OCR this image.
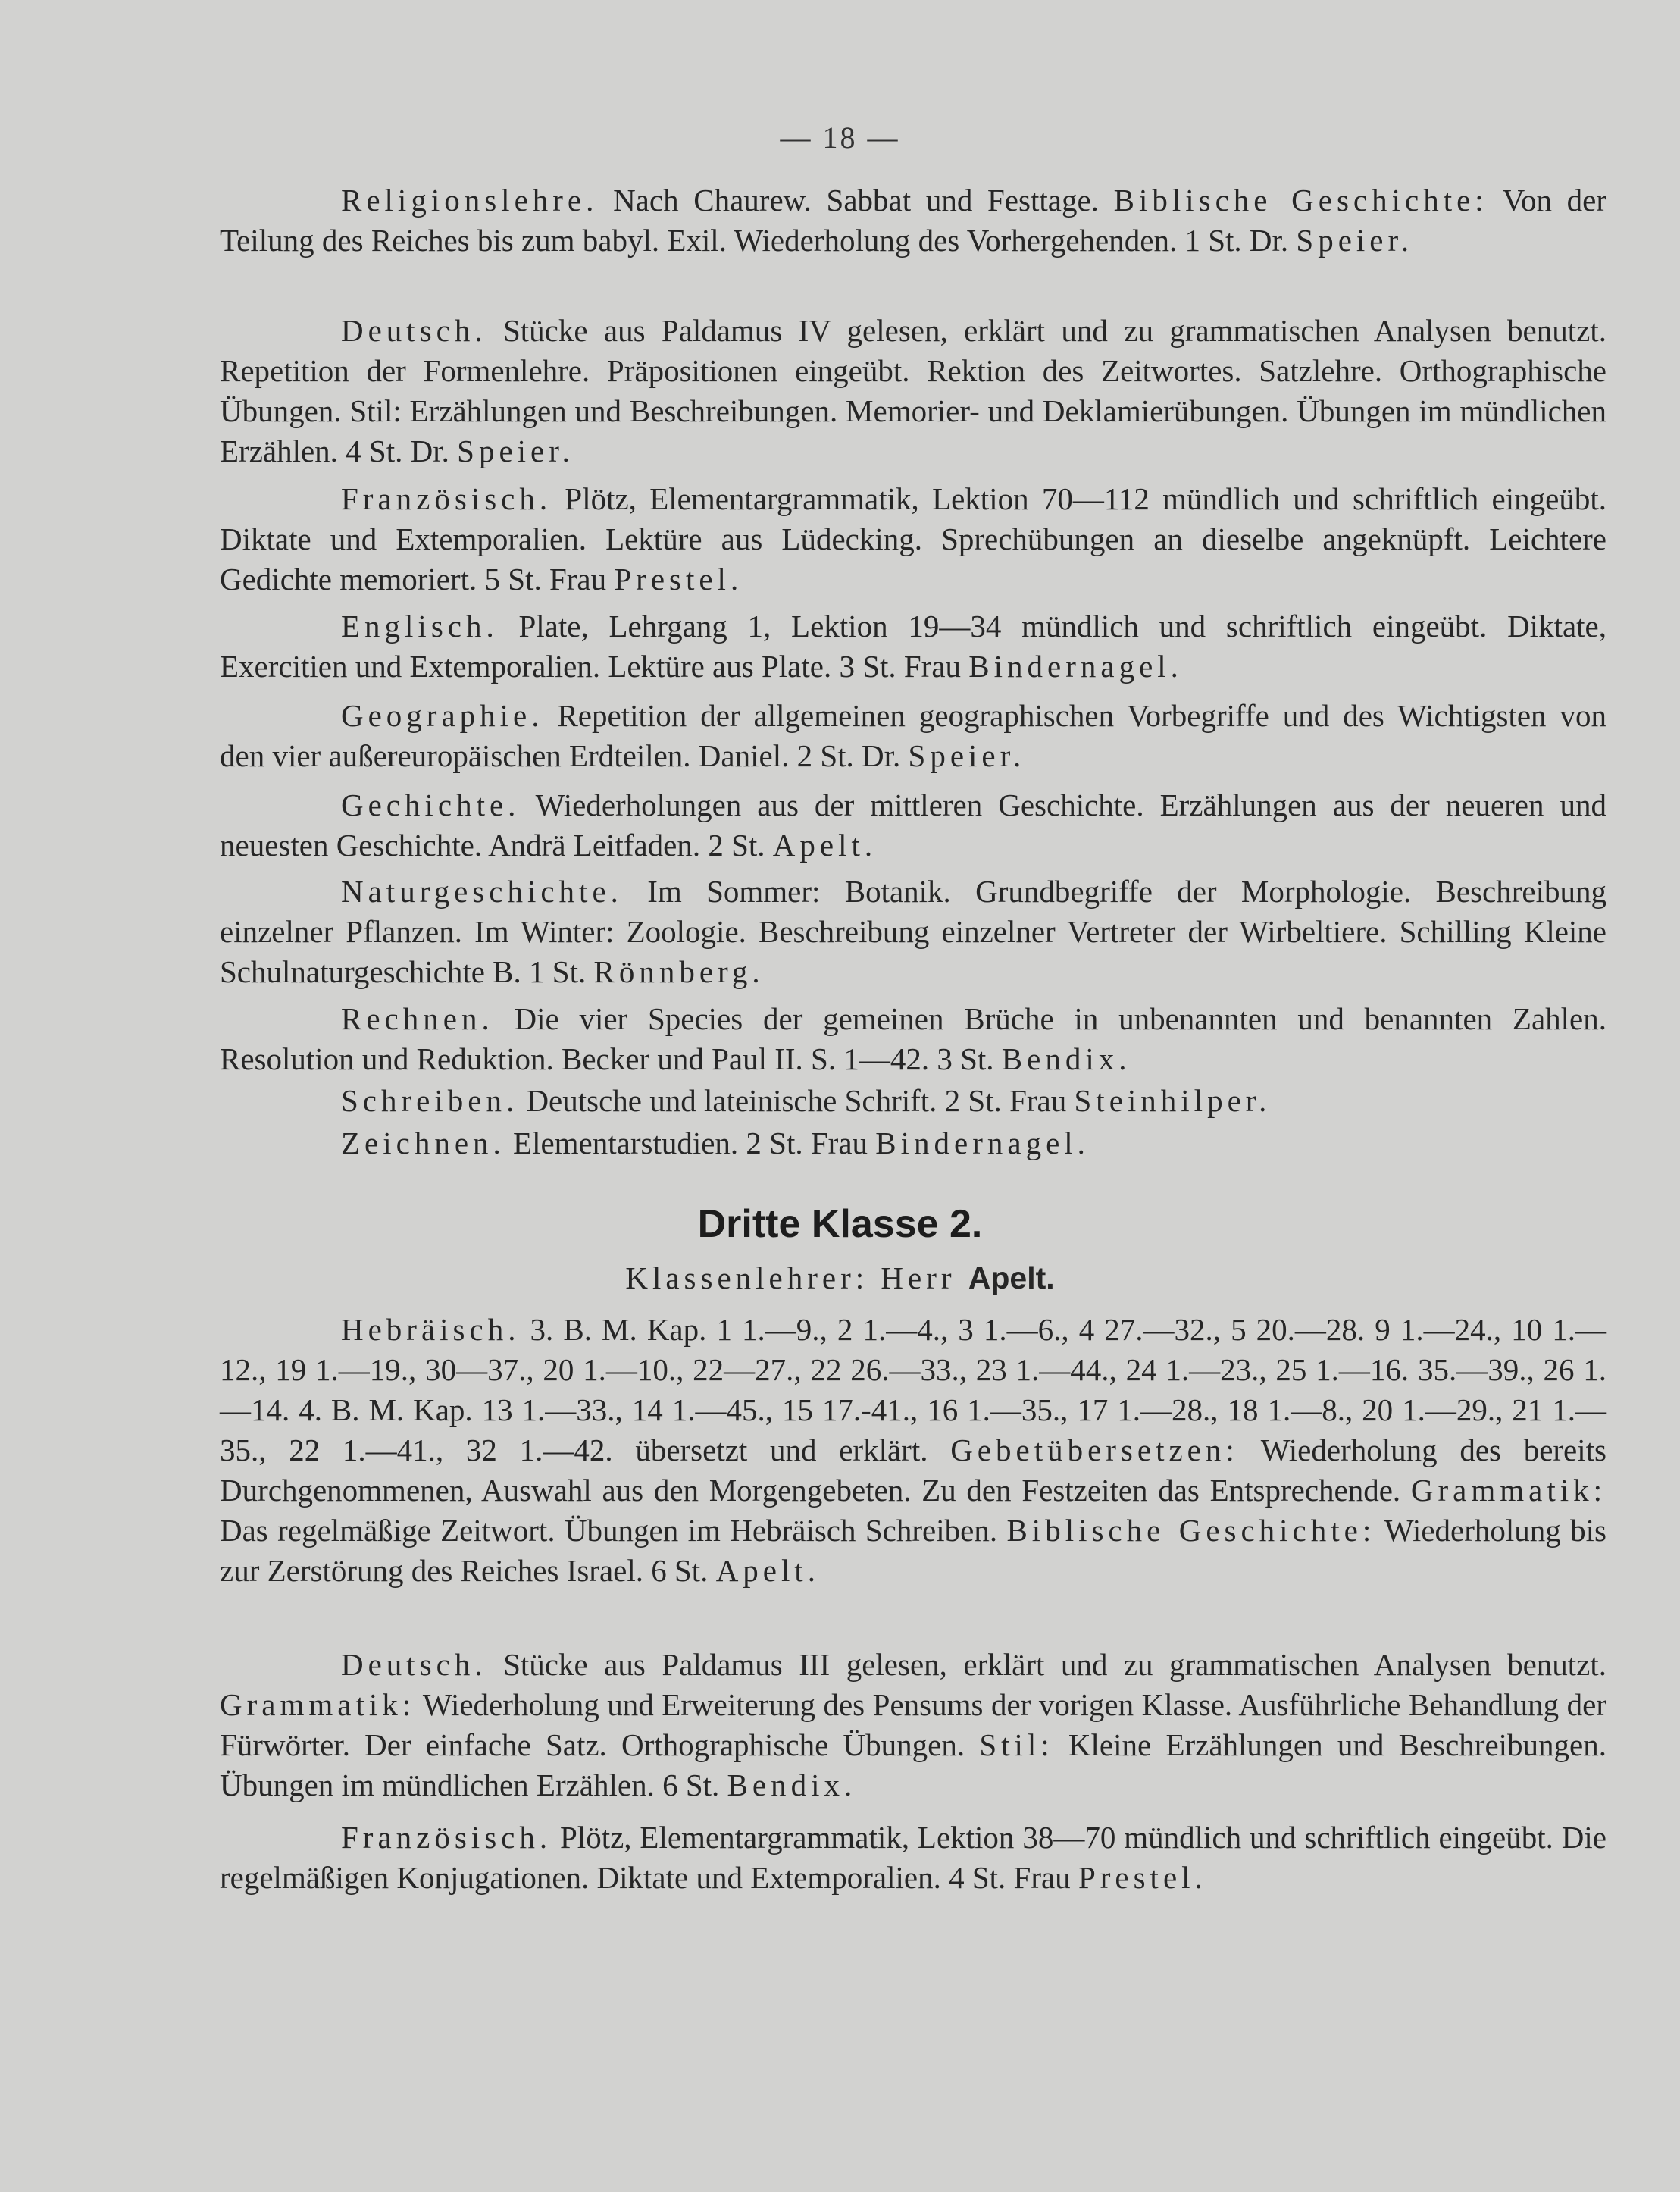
— 18 —

Religionslehre. Nach Chaurew. Sabbat und Festtage. Biblische Geschichte: Von der Teilung des Reiches bis zum babyl. Exil. Wiederholung des Vorhergehenden. 1 St. Dr. Speier.

Deutsch. Stücke aus Paldamus IV gelesen, erklärt und zu grammatischen Analysen benutzt. Repetition der Formenlehre. Präpositionen eingeübt. Rektion des Zeitwortes. Satzlehre. Orthographische Übungen. Stil: Erzählungen und Beschreibungen. Memorier- und Deklamierübungen. Übungen im mündlichen Erzählen. 4 St. Dr. Speier.

Französisch. Plötz, Elementargrammatik, Lektion 70—112 mündlich und schriftlich eingeübt. Diktate und Extemporalien. Lektüre aus Lüdecking. Sprechübungen an dieselbe angeknüpft. Leichtere Gedichte memoriert. 5 St. Frau Prestel.

Englisch. Plate, Lehrgang 1, Lektion 19—34 mündlich und schriftlich eingeübt. Diktate, Exercitien und Extemporalien. Lektüre aus Plate. 3 St. Frau Bindernagel.

Geographie. Repetition der allgemeinen geographischen Vorbegriffe und des Wichtigsten von den vier außereuropäischen Erdteilen. Daniel. 2 St. Dr. Speier.

Gechichte. Wiederholungen aus der mittleren Geschichte. Erzählungen aus der neueren und neuesten Geschichte. Andrä Leitfaden. 2 St. Apelt.

Naturgeschichte. Im Sommer: Botanik. Grundbegriffe der Morphologie. Beschreibung einzelner Pflanzen. Im Winter: Zoologie. Beschreibung einzelner Vertreter der Wirbeltiere. Schilling Kleine Schulnaturgeschichte B. 1 St. Rönnberg.

Rechnen. Die vier Species der gemeinen Brüche in unbenannten und benannten Zahlen. Resolution und Reduktion. Becker und Paul II. S. 1—42. 3 St. Bendix.

Schreiben. Deutsche und lateinische Schrift. 2 St. Frau Steinhilper.

Zeichnen. Elementarstudien. 2 St. Frau Bindernagel.

Dritte Klasse 2.
Klassenlehrer: Herr Apelt.

Hebräisch. 3. B. M. Kap. 1 1.—9., 2 1.—4., 3 1.—6., 4 27.—32., 5 20.—28. 9 1.—24., 10 1.—12., 19 1.—19., 30—37., 20 1.—10., 22—27., 22 26.—33., 23 1.—44., 24 1.—23., 25 1.—16. 35.—39., 26 1.—14. 4. B. M. Kap. 13 1.—33., 14 1.—45., 15 17.-41., 16 1.—35., 17 1.—28., 18 1.—8., 20 1.—29., 21 1.—35., 22 1.—41., 32 1.—42. übersetzt und erklärt. Gebetübersetzen: Wiederholung des bereits Durchgenommenen, Auswahl aus den Morgengebeten. Zu den Festzeiten das Entsprechende. Grammatik: Das regelmäßige Zeitwort. Übungen im Hebräisch Schreiben. Biblische Geschichte: Wiederholung bis zur Zerstörung des Reiches Israel. 6 St. Apelt.

Deutsch. Stücke aus Paldamus III gelesen, erklärt und zu grammatischen Analysen benutzt. Grammatik: Wiederholung und Erweiterung des Pensums der vorigen Klasse. Ausführliche Behandlung der Fürwörter. Der einfache Satz. Orthographische Übungen. Stil: Kleine Erzählungen und Beschreibungen. Übungen im mündlichen Erzählen. 6 St. Bendix.

Französisch. Plötz, Elementargrammatik, Lektion 38—70 mündlich und schriftlich eingeübt. Die regelmäßigen Konjugationen. Diktate und Extemporalien. 4 St. Frau Prestel.
